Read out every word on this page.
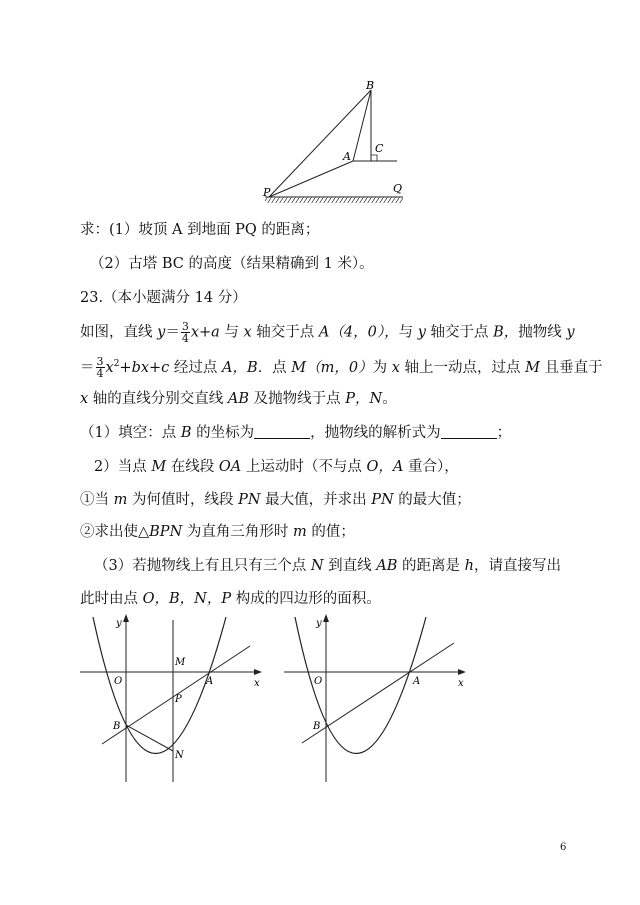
B
A
C
P	Q
求：(1）坡顶 A 到地面 PQ 的距离；
（2）古塔 BC 的高度（结果精确到 1 米）。
23.（本小题满分 14 分）
如图，直线 $y= \frac{3}{4} x+a$ 与 x 轴交于点 A（4，0），与 y 轴交于点 B，抛物线 y
＝ $\frac{3}{4} x^2+bx+c$ 经过点 A，B．点 M（m，0）为 x 轴上一动点，过点 M 且垂直于
x 轴的直线分别交直线 AB 及抛物线于点 P，N。
（1）填空：点 B 的坐标为	，抛物线的解析式为	；
2）当点 M 在线段 OA 上运动时（不与点 O，A 重合），
①当 m 为何值时，线段 PN 最大值，并求出 PN 的最大值；
②求出使△BPN 为直角三角形时 m 的值；
（3）若抛物线上有且只有三个点 N 到直线 AB 的距离是 h，请直接写出
此时由点 O，B，N，P 构成的四边形的面积。
y
x
O
M
A
P
B
N
y
x
O	A
B
6
